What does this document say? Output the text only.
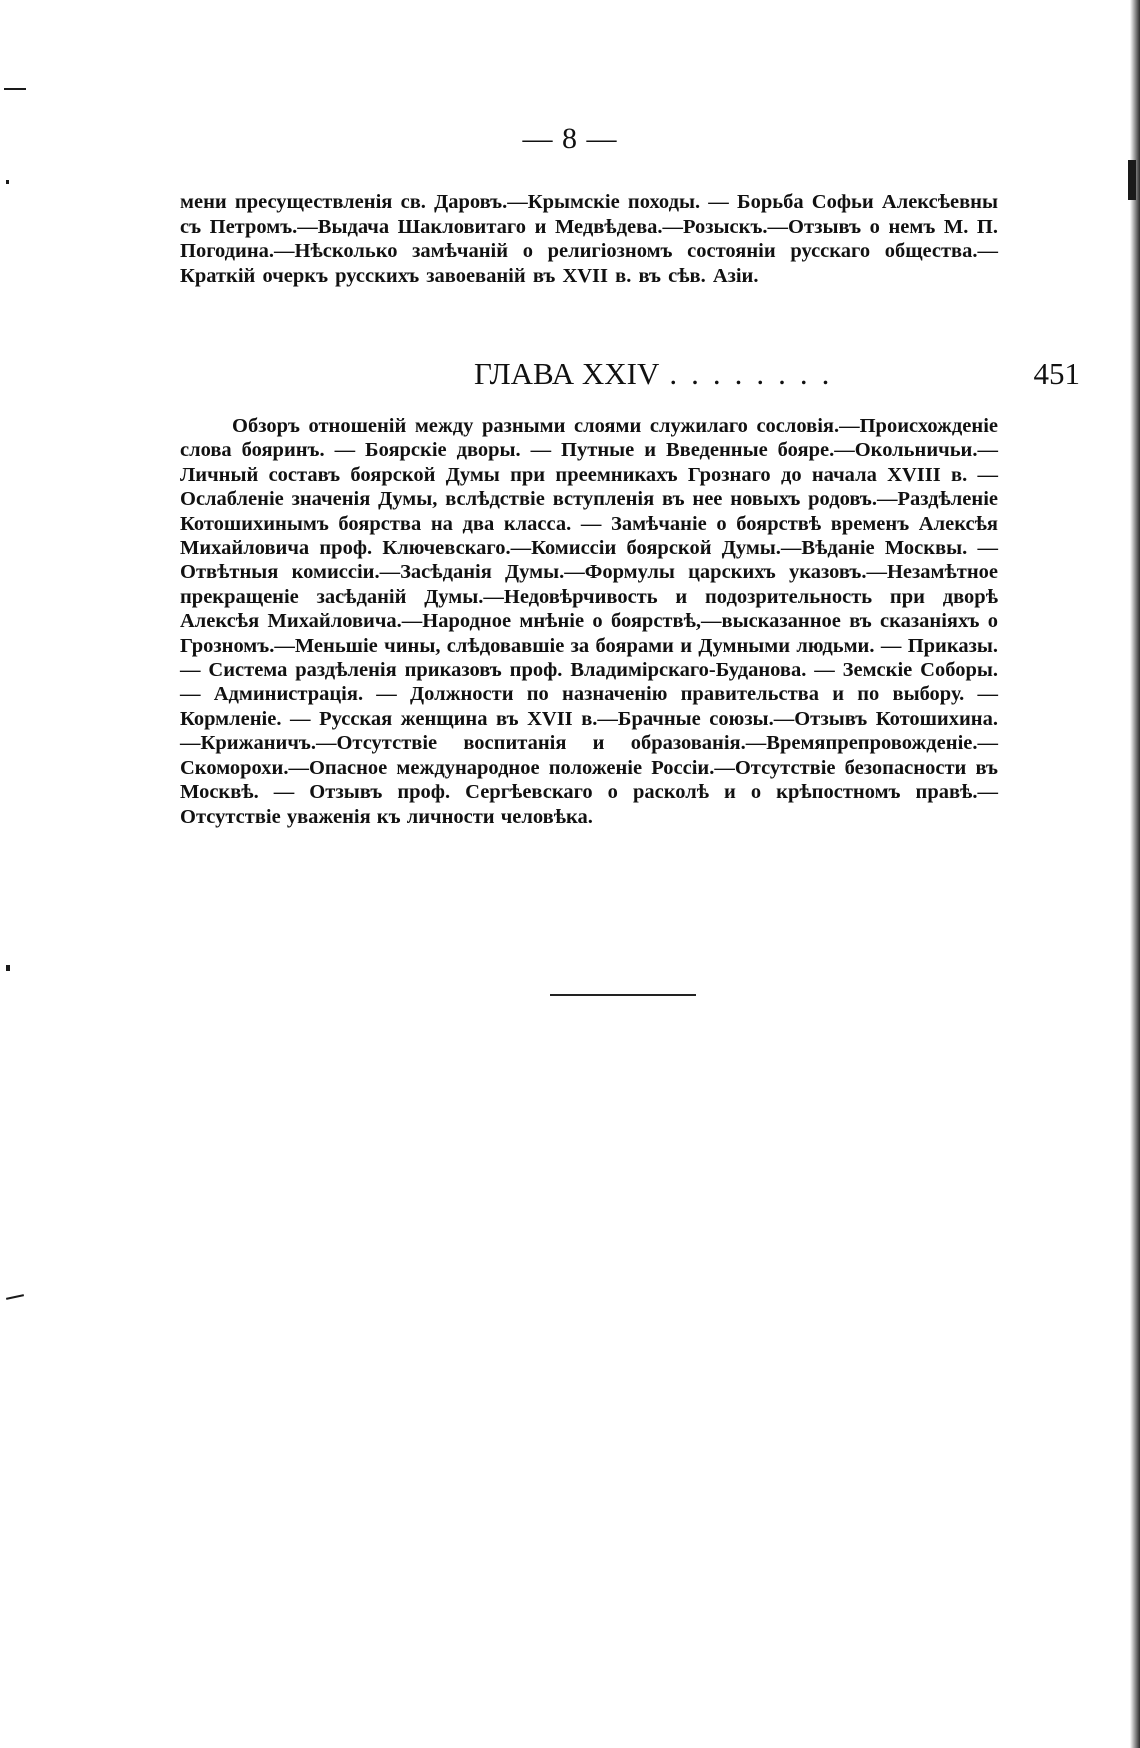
— 8 —
мени пресуществленія св. Даровъ.—Крымскіе походы. — Борьба Софьи Алексѣевны съ Петромъ.—Выдача Шакловитаго и Медвѣдева.—Розыскъ.—Отзывъ о немъ М. П. Погодина.—Нѣсколько замѣчаній о религіозномъ состояніи русскаго общества.—Краткій очеркъ русскихъ завоеваній въ XVII в. въ сѣв. Азіи.
ГЛАВА XXIV ........	451
Обзоръ отношеній между разными слоями служилаго сословія.—Происхожденіе слова бояринъ. — Боярскіе дворы. — Путные и Введенные бояре.—Окольничьи.—Личный составъ боярской Думы при преемникахъ Грознаго до начала XVIII в. — Ослабленіе значенія Думы, вслѣдствіе вступленія въ нее новыхъ родовъ.—Раздѣленіе Котошихинымъ боярства на два класса. — Замѣчаніе о боярствѣ временъ Алексѣя Михайловича проф. Ключевскаго.—Комиссіи боярской Думы.—Вѣданіе Москвы. — Отвѣтныя комиссіи.—Засѣданія Думы.—Формулы царскихъ указовъ.—Незамѣтное прекращеніе засѣданій Думы.—Недовѣрчивость и подозрительность при дворѣ Алексѣя Михайловича.—Народное мнѣніе о боярствѣ,—высказанное въ сказаніяхъ о Грозномъ.—Меньшіе чины, слѣдовавшіе за боярами и Думными людьми. — Приказы. — Система раздѣленія приказовъ проф. Владимірскаго-Буданова. — Земскіе Соборы. — Администрація. — Должности по назначенію правительства и по выбору. — Кормленіе. — Русская женщина въ XVII в.—Брачные союзы.—Отзывъ Котошихина.—Крижаничъ.—Отсутствіе воспитанія и образованія.—Времяпрепровожденіе.—Скоморохи.—Опасное международное положеніе Россіи.—Отсутствіе безопасности въ Москвѣ. — Отзывъ проф. Сергѣевскаго о расколѣ и о крѣпостномъ правѣ.—Отсутствіе уваженія къ личности человѣка.
